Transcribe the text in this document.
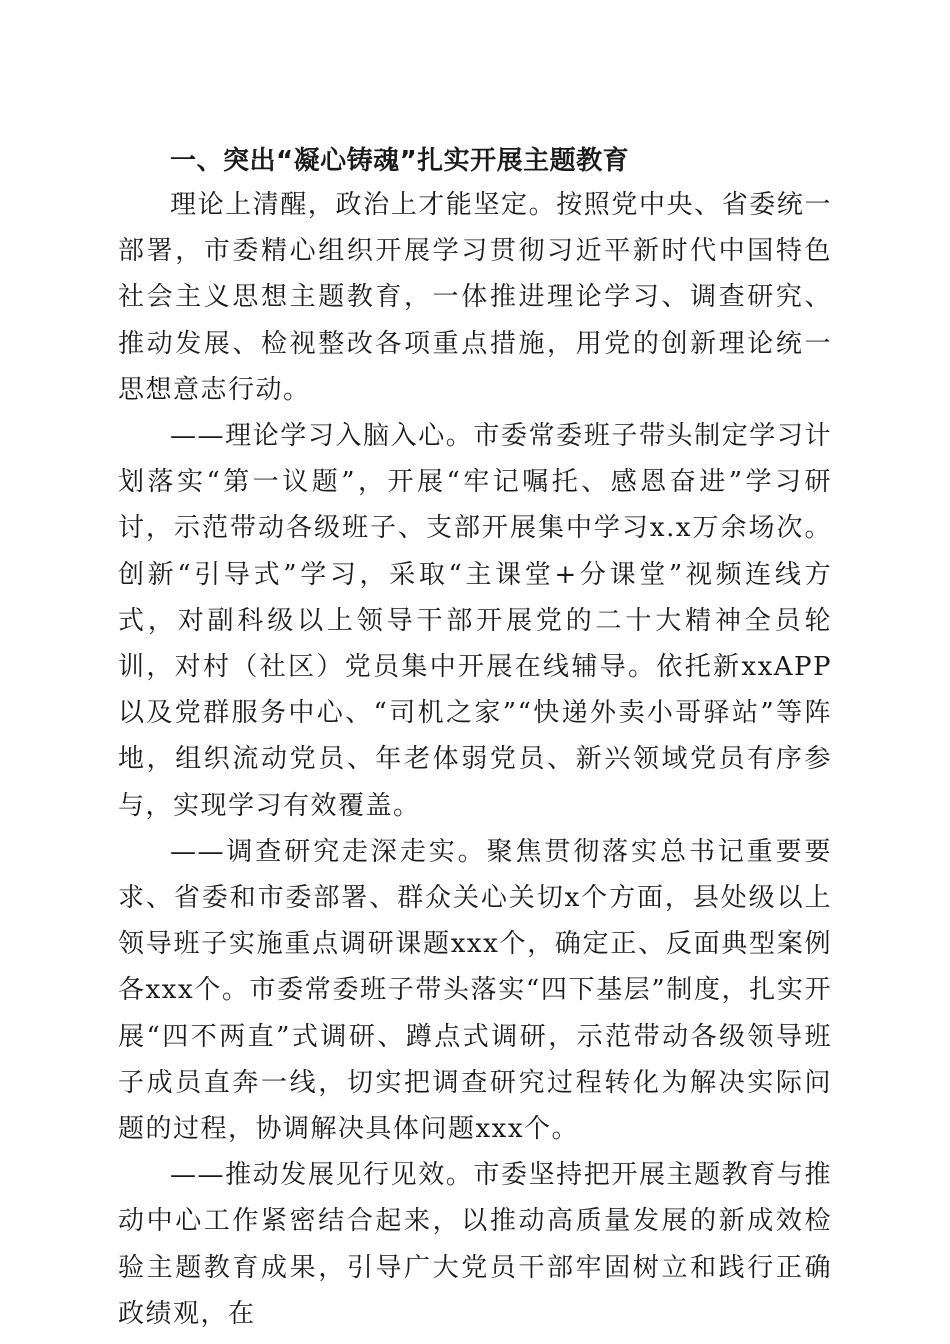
一、突出“凝心铸魂”扎实开展主题教育

理论上清醒，政治上才能坚定。按照党中央、省委统一部署，市委精心组织开展学习贯彻习近平新时代中国特色社会主义思想主题教育，一体推进理论学习、调查研究、推动发展、检视整改各项重点措施，用党的创新理论统一思想意志行动。

——理论学习入脑入心。市委常委班子带头制定学习计划落实“第一议题”，开展“牢记嘱托、感恩奋进”学习研讨，示范带动各级班子、支部开展集中学习x.x万余场次。创新“引导式”学习，采取“主课堂+分课堂”视频连线方式，对副科级以上领导干部开展党的二十大精神全员轮训，对村（社区）党员集中开展在线辅导。依托新xxAPP以及党群服务中心、“司机之家”“快递外卖小哥驿站”等阵地，组织流动党员、年老体弱党员、新兴领域党员有序参与，实现学习有效覆盖。

——调查研究走深走实。聚焦贯彻落实总书记重要要求、省委和市委部署、群众关心关切x个方面，县处级以上领导班子实施重点调研课题xxx个，确定正、反面典型案例各xxx个。市委常委班子带头落实“四下基层”制度，扎实开展“四不两直”式调研、蹲点式调研，示范带动各级领导班子成员直奔一线，切实把调查研究过程转化为解决实际问题的过程，协调解决具体问题xxx个。

——推动发展见行见效。市委坚持把开展主题教育与推动中心工作紧密结合起来，以推动高质量发展的新成效检验主题教育成果，引导广大党员干部牢固树立和践行正确政绩观，在
